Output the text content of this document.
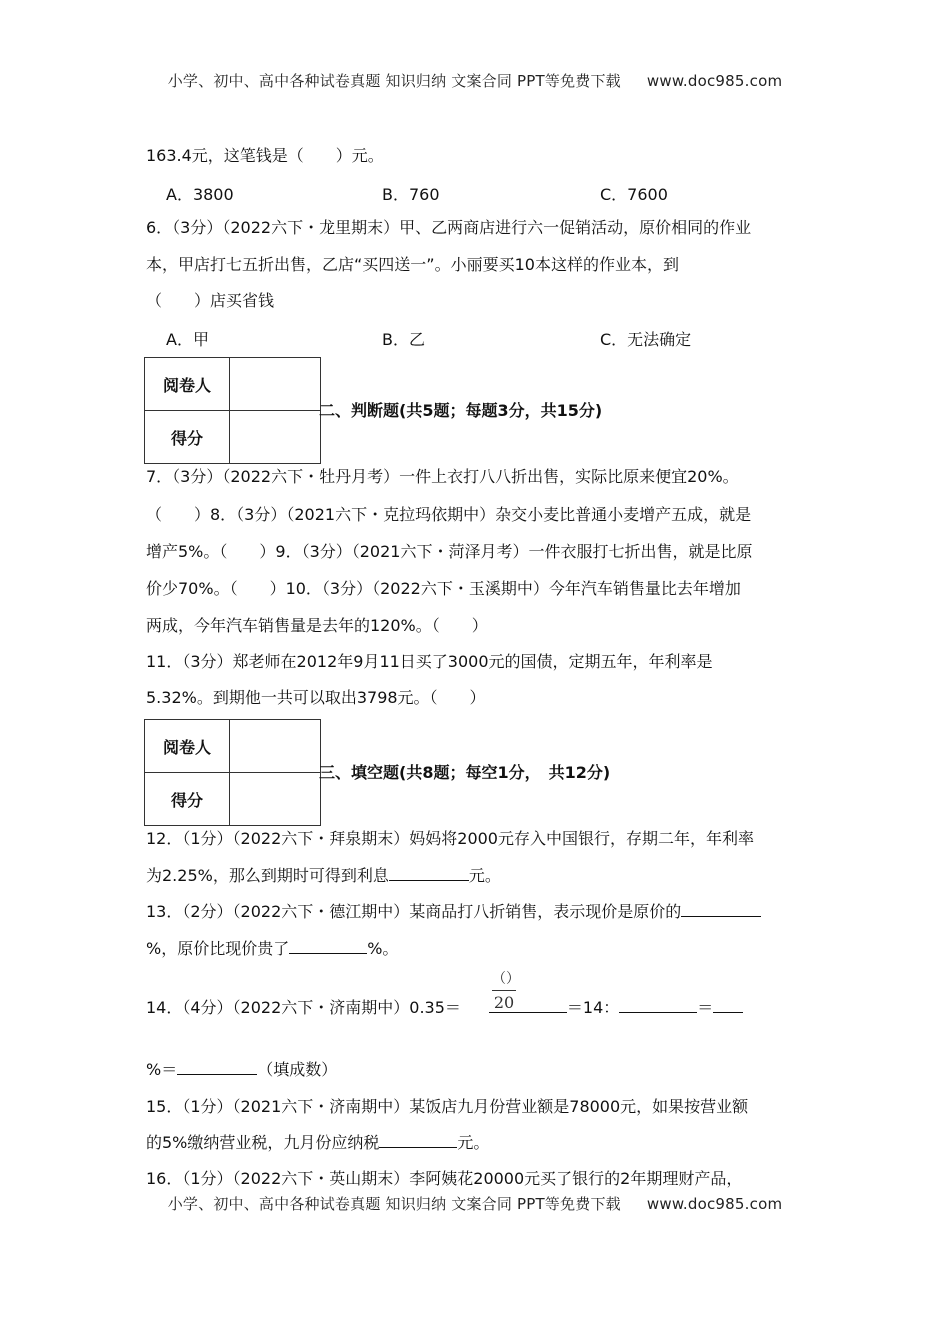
小学、初中、高中各种试卷真题 知识归纳 文案合同 PPT等免费下载 www.doc985.com
163.4元，这笔钱是（　　）元。
A．3800	B．760	C．7600
6．（3分）（2022六下・龙里期末）甲、乙两商店进行六一促销活动，原价相同的作业
本，甲店打七五折出售，乙店“买四送一”。小丽要买10本这样的作业本，到
（　　）店买省钱
A．甲	B．乙	C．无法确定
阅卷人	
得分	
二、判断题(共5题；每题3分，共15分)
7．（3分）（2022六下・牡丹月考）一件上衣打八八折出售，实际比原来便宜20%。
（　　）8．（3分）（2021六下・克拉玛依期中）杂交小麦比普通小麦增产五成，就是
增产5%。（　　）9．（3分）（2021六下・菏泽月考）一件衣服打七折出售，就是比原
价少70%。（　　）10．（3分）（2022六下・玉溪期中）今年汽车销售量比去年增加
两成，今年汽车销售量是去年的120%。（　　）
11．（3分）郑老师在2012年9月11日买了3000元的国债，定期五年，年利率是
5.32%。到期他一共可以取出3798元。（　　）
阅卷人	
得分	
三、填空题(共8题；每空1分，　共12分)
12．（1分）（2022六下・拜泉期末）妈妈将2000元存入中国银行，存期二年，年利率
为2.25%，那么到期时可得到利息	元。
13．（2分）（2022六下・德江期中）某商品打八折销售，表示现价是原价的
%，原价比现价贵了	%。
14．（4分）（2022六下・济南期中）0.35＝	＝14：	＝
（）
20
%＝	（填成数）
15．（1分）（2021六下・济南期中）某饭店九月份营业额是78000元，如果按营业额
的5%缴纳营业税，九月份应纳税	元。
16．（1分）（2022六下・英山期末）李阿姨花20000元买了银行的2年期理财产品，
小学、初中、高中各种试卷真题 知识归纳 文案合同 PPT等免费下载 www.doc985.com
